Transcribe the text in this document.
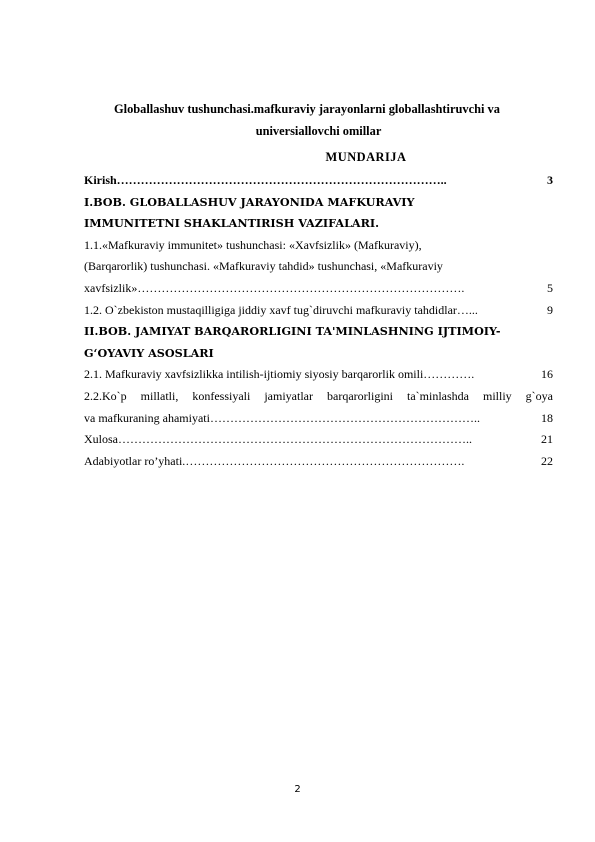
Globallashuv tushunchasi.mafkuraviy jarayonlarni globallashtiruvchi va
universiallovchi omillar
MUNDARIJA
Kirish ………………………………………………………………………..	3
I.BOB. GLOBALLASHUV JARAYONIDA MAFKURAVIY
IMMUNITETNI SHAKLANTIRISH VAZIFALARI.
1.1.«Mafkuraviy immunitet» tushunchasi: «Xavfsizlik» (Mafkuraviy),
(Barqarorlik) tushunchasi. «Mafkuraviy tahdid» tushunchasi, «Mafkuraviy
xavfsizlik» ……………………………………………………………………….	5
1.2. O`zbekiston mustaqilligiga jiddiy xavf tug`diruvchi mafkuraviy tahdidlar …...	9
II.BOB. JAMIYAT BARQARORLIGINI TA'MINLASHNING IJTIMOIY-
G‘OYAVIY ASOSLARI
2.1. Mafkuraviy xavfsizlikka intilish-ijtiomiy siyosiy barqarorlik omili ………….	16
2.2.Ko`p millatli, konfessiyali jamiyatlar barqarorligini ta`minlashda milliy g`oya
va mafkuraning ahamiyati …………………………………………………………..	18
Xulosa… …………………………………………………………………………..	21
Adabiyotlar ro’yhati. …………………………………………………………….	22
2
